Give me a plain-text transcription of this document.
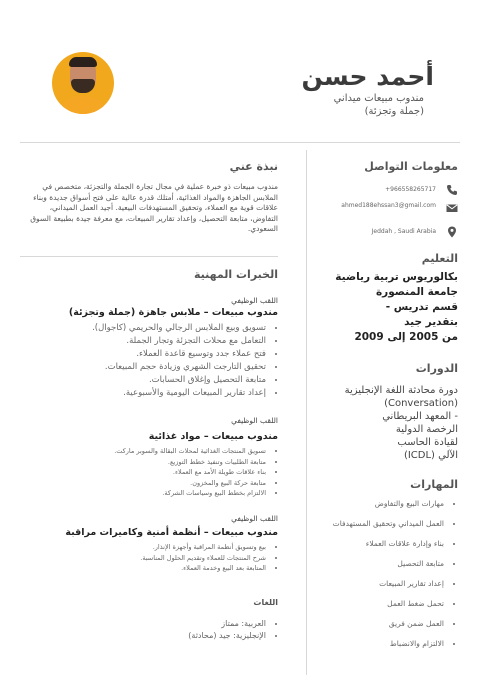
أحمد حسن
مندوب مبيعات ميداني
(جملة وتجزئة)
معلومات التواصل
+966558265717
ahmed188ehssan3@gmail.com
Jeddah , Saudi Arabia
التعليم
بكالوريوس تربية رياضية
جامعة المنصورة
قسم تدريس -
بتقدير جيد
من 2005 إلى 2009
الدورات
دورة محادثة اللغة الإنجليزية
(Conversation)
- المعهد البريطاني
الرخصة الدولية
لقيادة الحاسب
الآلي (ICDL)
المهارات
• مهارات البيع والتفاوض
• العمل الميداني وتحقيق المستهدفات
• بناء وإدارة علاقات العملاء
• متابعة التحصيل
• إعداد تقارير المبيعات
• تحمل ضغط العمل
• العمل ضمن فريق
• الالتزام والانضباط
نبذة عني
مندوب مبيعات ذو خبرة عملية في مجال تجارة الجملة والتجزئة، متخصص في الملابس الجاهزة والمواد الغذائية، أمتلك قدرة عالية على فتح أسواق جديدة وبناء علاقات قوية مع العملاء، وتحقيق المستهدفات البيعية. أجيد العمل الميداني، التفاوض، متابعة التحصيل، وإعداد تقارير المبيعات، مع معرفة جيدة بطبيعة السوق السعودي.
الخبرات المهنية
اللقب الوظيفي
مندوب مبيعات – ملابس جاهزة (جملة وتجزئة)
• تسويق وبيع الملابس الرجالي والحريمي (كاجوال).
• التعامل مع محلات التجزئة وتجار الجملة.
• فتح عملاء جدد وتوسيع قاعدة العملاء.
• تحقيق التارجت الشهري وزيادة حجم المبيعات.
• متابعة التحصيل وإغلاق الحسابات.
• إعداد تقارير المبيعات اليومية والأسبوعية.
اللقب الوظيفي
مندوب مبيعات – مواد غذائية
• تسويق المنتجات الغذائية لمحلات البقالة والسوبر ماركت.
• متابعة الطلبيات وتنفيذ خطط التوزيع.
• بناء علاقات طويلة الأمد مع العملاء.
• متابعة حركة البيع والمخزون.
• الالتزام بخطط البيع وسياسات الشركة.
اللقب الوظيفي
مندوب مبيعات – أنظمة أمنية وكاميرات مراقبة
• بيع وتسويق أنظمة المراقبة وأجهزة الإنذار.
• شرح المنتجات للعملاء وتقديم الحلول المناسبة.
• المتابعة بعد البيع وخدمة العملاء.
اللغات
• العربية: ممتاز
• الإنجليزية: جيد (محادثة)
